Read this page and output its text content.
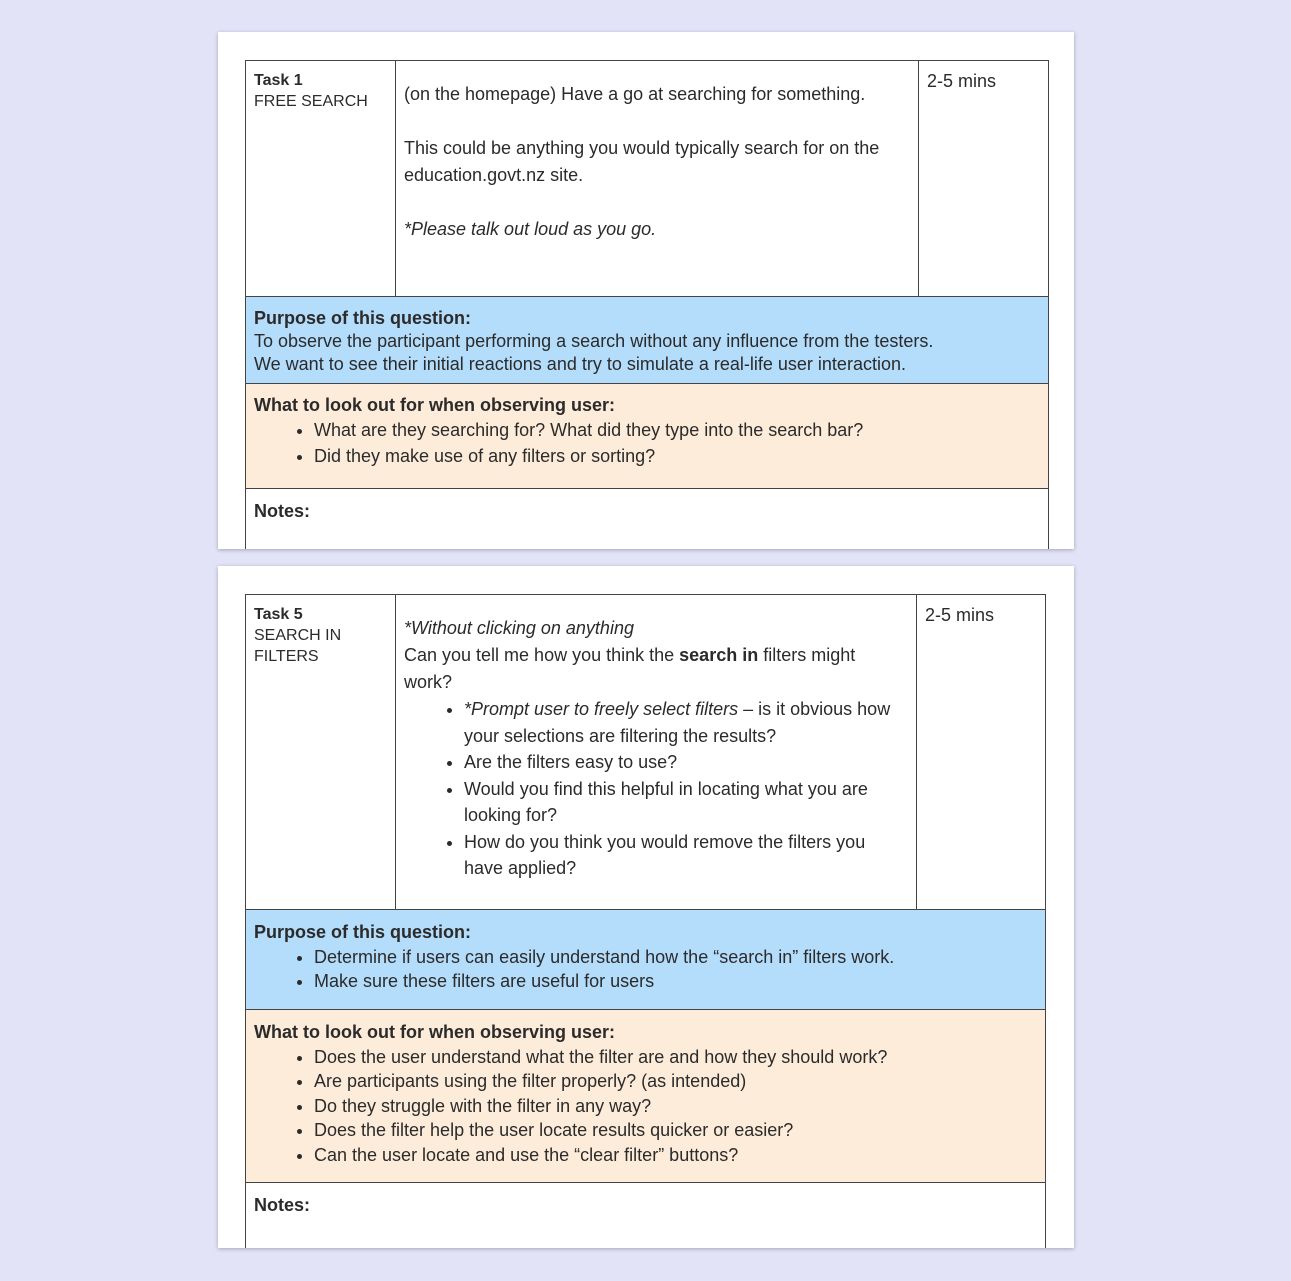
Task 1

FREE SEARCH	(on the homepage) Have a go at searching for something.

This could be anything you would typically search for on the education.govt.nz site.

*Please talk out loud as you go.

2-5 mins

Purpose of this question:

To observe the participant performing a search without any influence from the testers.

We want to see their initial reactions and try to simulate a real-life user interaction.

What to look out for when observing user:

• What are they searching for? What did they type into the search bar?
• Did they make use of any filters or sorting?
Notes:

Task 5

SEARCH IN

FILTERS

*Without clicking on anything

Can you tell me how you think the search in filters might work?

• *Prompt user to freely select filters – is it obvious how your selections are filtering the results?
• Are the filters easy to use?
• Would you find this helpful in locating what you are looking for?
• How do you think you would remove the filters you have applied?
2-5 mins

Purpose of this question:

• Determine if users can easily understand how the “search in” filters work.
• Make sure these filters are useful for users

What to look out for when observing user:

• Does the user understand what the filter are and how they should work?
• Are participants using the filter properly? (as intended)
• Do they struggle with the filter in any way?
• Does the filter help the user locate results quicker or easier?
• Can the user locate and use the “clear filter” buttons?
Notes:
